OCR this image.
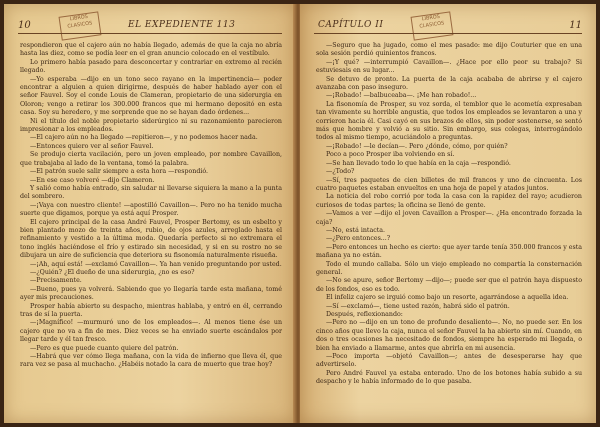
10
LIBROS CLASICOS	EL EXPEDIENTE 113

respondieron que el cajero aún no había llegado, además de que la caja no abría hasta las diez, como se podía leer en el gran anuncio colocado en el vestíbulo.

Lo primero había pasado para desconcertar y contrariar en extremo al recién llegado.

—Yo esperaba —dijo en un tono seco rayano en la impertinencia— poder encontrar a alguien a quien dirigirme, después de haber hablado ayer con el señor Fauvel. Soy el conde Louis de Clameran, propietario de una siderurgia en Oloron; vengo a retirar los 300.000 francos que mi hermano depositó en esta casa. Soy su heredero, y me sorprende que no se hayan dado órdenes...

Ni el título del noble propietario siderúrgico ni su razonamiento parecieron impresionar a los empleados.

—El cajero aún no ha llegado —repitieron—, y no podemos hacer nada.

—Entonces quiero ver al señor Fauvel.

Se produjo cierta vacilación, pero un joven empleado, por nombre Cavaillon, que trabajaba al lado de la ventana, tomó la palabra.

—El patrón suele salir siempre a esta hora —respondió.

—En ese caso volveré —dijo Clameron.

Y salió como había entrado, sin saludar ni llevarse siquiera la mano a la punta del sombrero.

—¡Vaya con nuestro cliente! —apostilló Cavaillon—. Pero no ha tenido mucha suerte que digamos, porque ya está aquí Prosper.

El cajero principal de la casa André Fauvel, Prosper Bertomy, es un esbelto y bien plantado mozo de treinta años, rubio, de ojos azules, arreglado hasta el refinamiento y vestido a la última moda. Quedaría perfecto si no extremara el tono inglés haciéndose el frío y estirado sin necesidad, y si en su rostro no se dibujara un aire de suficiencia que deteriora su fisonomía naturalmente risueña.

—¡Ah, aquí está! —exclamó Cavaillon—. Ya han venido preguntando por usted.

—¿Quién? ¿El dueño de una siderurgia, ¿no es eso?

—Precisamente.

—Bueno, pues ya volverá. Sabiendo que yo llegaría tarde esta mañana, tomé ayer mis precauciones.

Prosper había abierto su despacho, mientras hablaba, y entró en él, cerrando tras de sí la puerta.

—¡Magnífico! —murmuró uno de los empleados—. Al menos tiene ése un cajero que no va a fin de mes. Diez veces se ha enviado suerte escándalos por llegar tarde y él tan fresco.

—Pero es que puede cuanto quiere del patrón.

—Habrá que ver cómo llega mañana, con la vida de infierno que lleva él, que rara vez se pasa al muchacho. ¿Habéis notado la cara de muerto que trae hoy?

CAPÍTULO II
LIBROS CLASICOS	11

—Seguro que ha jugado, como el mes pasado: me dijo Couturier que en una sola sesión perdió quinientos francos.

—¡Y qué? —interrumpió Cavaillon—. ¿Hace por ello peor su trabajo? Si estuviesais en su lugar...

Se detuvo de pronto. La puerta de la caja acababa de abrirse y el cajero avanzaba con paso inseguro.

—¡Robado! —balbuceaba—. ¡Me han robado!...

La fisonomía de Prosper, su voz sorda, el temblor que le acometía expresaban tan vivamente su horrible angustia, que todos los empleados se levantaron a una y corrieron hacia él. Casi cayó en sus brazos de ellos, sin poder sostenerse, se sentó más que hombre y volvió a su sitio. Sin embargo, sus colegas, interrogándolo todos al mismo tiempo, acuciándolo a preguntas.

—¡Robado! —le decían—. Pero ¿dónde, cómo, por quién?

Poco a poco Prosper iba volviendo en sí.

—Se han llevado todo lo que había en la caja —respondió.

—¿Todo?

—Sí, tres paquetes de cien billetes de mil francos y uno de cincuenta. Los cuatro paquetes estaban envueltos en una hoja de papel y atados juntos.

La noticia del robo corrió por toda la casa con la rapidez del rayo; acudieron curiosos de todas partes; la oficina se llenó de gente.

—Vamos a ver —dijo el joven Cavaillon a Prosper—. ¿Ha encontrado forzada la caja?

—No, está intacta.

—¿Pero entonces...?

—Pero entonces un hecho es cierto: que ayer tarde tenía 350.000 francos y esta mañana ya no están.

Todo el mundo callaba. Sólo un viejo empleado no compartía la consternación general.

—No se apure, señor Bertomy —dijo—; puede ser que el patrón haya dispuesto de los fondos, eso es todo.

El infeliz cajero se irguió como bajo un resorte, agarrándose a aquella idea.

—Sí —exclamó—, tiene usted razón, habrá sido el patrón.

Después, reflexionando:

—Pero no —dijo en un tono de profundo desaliento—. No, no puede ser. En los cinco años que llevo la caja, nunca el señor Fauvel la ha abierto sin mí. Cuando, en dos o tres ocasiones ha necesitado de fondos, siempre ha esperado mi llegada, o bien ha enviado a llamarme, antes que abrirla en mi ausencia.

—Poco importa —objetó Cavaillon—; antes de desesperarse hay que advertirselo.

Pero André Fauvel ya estaba enterado. Uno de los botones había subido a su despacho y le había informado de lo que pasaba.
